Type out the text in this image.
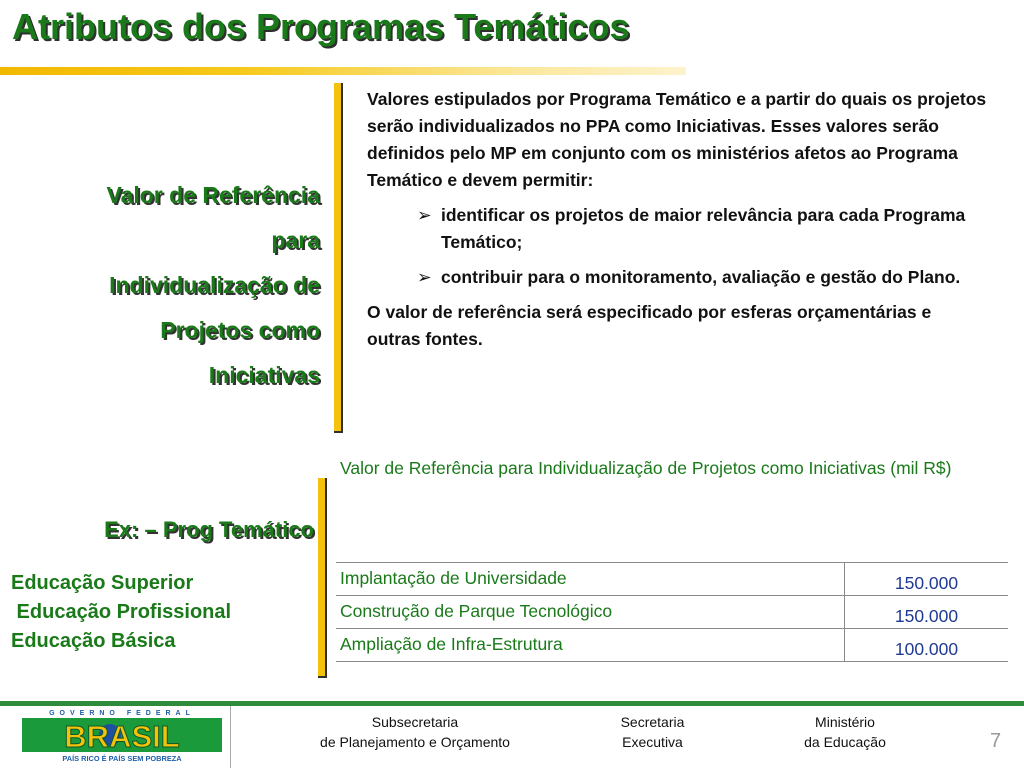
Atributos dos Programas Temáticos
Valor de Referência
para
Individualização de
Projetos como
Iniciativas
Ex: – Prog Temático
Educação Superior
Educação Profissional
Educação Básica

Valores estipulados por Programa Temático e a partir do quais os projetos serão individualizados no PPA como Iniciativas. Esses valores serão definidos pelo MP em conjunto com os ministérios afetos ao Programa Temático e devem permitir:

➢ identificar os projetos de maior relevância para cada Programa Temático;

➢ contribuir para o monitoramento, avaliação e gestão do Plano.

O valor de referência será especificado por esferas orçamentárias e outras fontes.

Valor de Referência para Individualização de Projetos como Iniciativas (mil R$)
Implantação de Universidade	150.000
Construção de Parque Tecnológico	150.000
Ampliação de Infra-Estrutura	100.000
GOVERNO FEDERAL
BRASIL
PAÍS RICO É PAÍS SEM POBREZA
Subsecretaria
de Planejamento e Orçamento
Secretaria
Executiva
Ministério
da Educação	7
